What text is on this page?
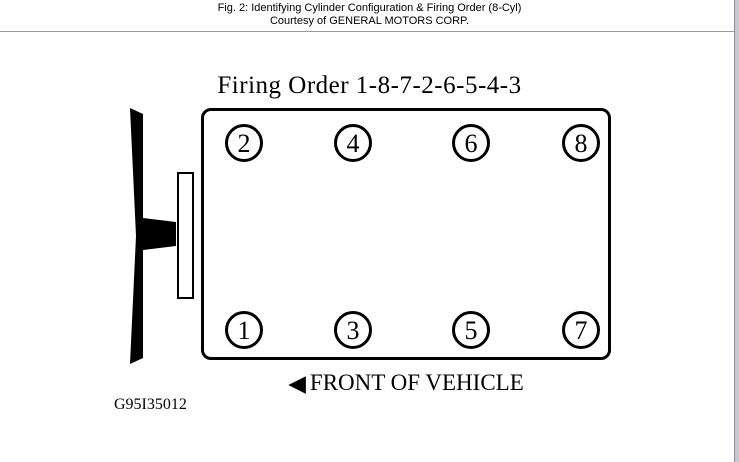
Fig. 2: Identifying Cylinder Configuration & Firing Order (8-Cyl)
Courtesy of GENERAL MOTORS CORP.
Firing Order 1-8-7-2-6-5-4-3
2	4	6	8
1	3	5	7
◀ FRONT OF VEHICLE
G95I35012
